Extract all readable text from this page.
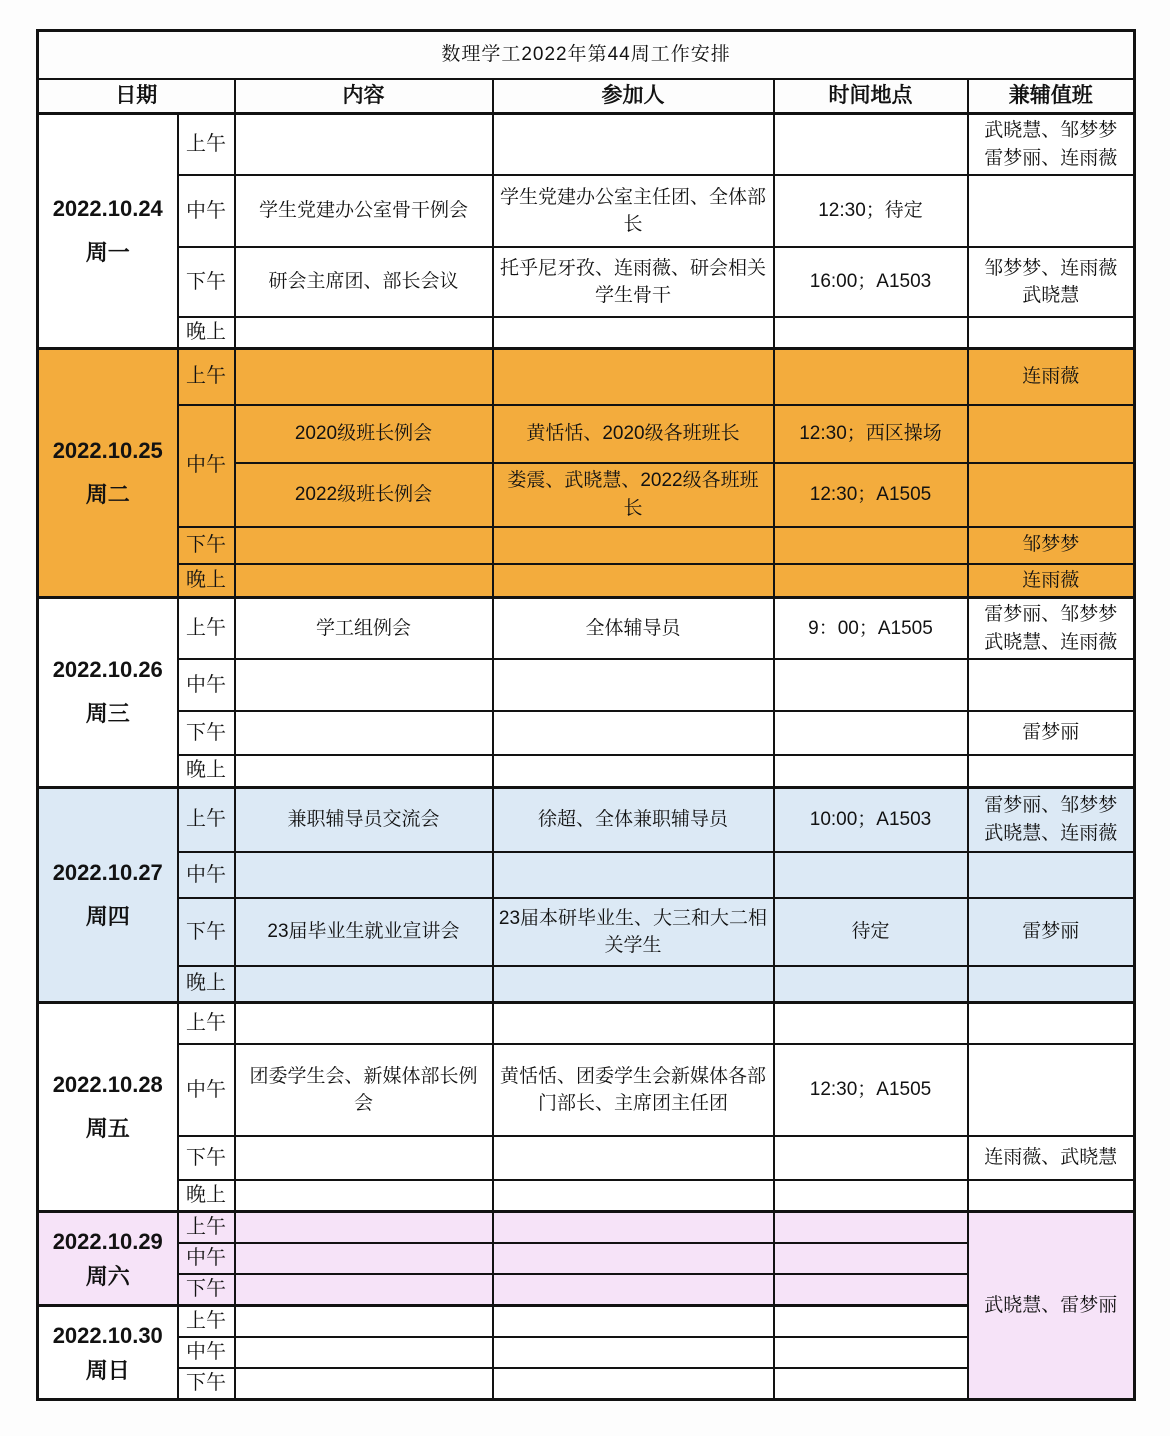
数理学工2022年第44周工作安排					
日期		内容	参加人	时间地点	兼辅值班
2022.10.24
周一	上午				武晓慧、邹梦梦
雷梦丽、连雨薇
	中午	学生党建办公室骨干例会	学生党建办公室主任团、全体部长	12:30；待定	
	下午	研会主席团、部长会议	托乎尼牙孜、连雨薇、研会相关学生骨干	16:00；A1503	邹梦梦、连雨薇
武晓慧
	晚上				
2022.10.25
周二	上午				连雨薇
	中午	2020级班长例会	黄恬恬、2020级各班班长	12:30；西区操场	
		2022级班长例会	娄震、武晓慧、2022级各班班长	12:30；A1505	
	下午				邹梦梦
	晚上				连雨薇
2022.10.26
周三	上午	学工组例会	全体辅导员	9：00；A1505	雷梦丽、邹梦梦
武晓慧、连雨薇
	中午				
	下午				雷梦丽
	晚上				
2022.10.27
周四	上午	兼职辅导员交流会	徐超、全体兼职辅导员	10:00；A1503	雷梦丽、邹梦梦
武晓慧、连雨薇
	中午				
	下午	23届毕业生就业宣讲会	23届本研毕业生、大三和大二相关学生	待定	雷梦丽
	晚上				
2022.10.28
周五	上午				
	中午	团委学生会、新媒体部长例会	黄恬恬、团委学生会新媒体各部门部长、主席团主任团	12:30；A1505	
	下午				连雨薇、武晓慧
	晚上				
2022.10.29
周六	上午				武晓慧、雷梦丽
	中午				
	下午				
2022.10.30
周日	上午				
	中午				
	下午				
